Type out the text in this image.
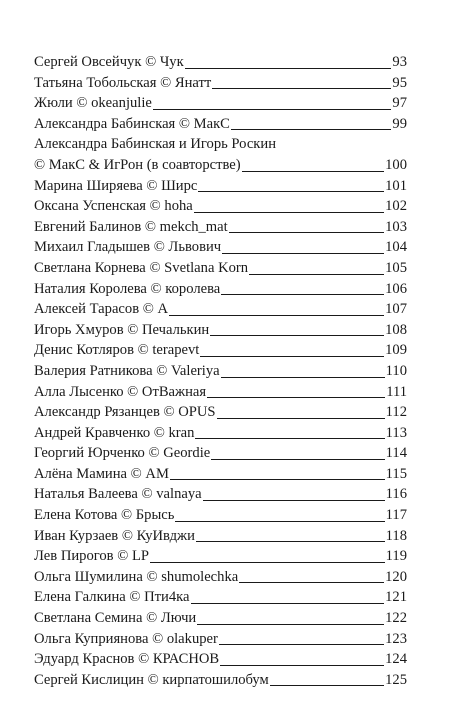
Сергей Овсейчук © Чук	93
Татьяна Тобольская © Янатт	95
Жюли © okeanjulie	97
Александра Бабинская © МакС	99
Александра Бабинская и Игорь Роскин
© МакС & ИгРон (в соавторстве)	100
Марина Ширяева © Ширс	101
Оксана Успенская © hoha	102
Евгений Балинов © mekch_mat	103
Михаил Гладышев © Львович	104
Светлана Корнева © Svetlana Korn	105
Наталия Королева © королева	106
Алексей Тарасов © A	107
Игорь Хмуров © Печалькин	108
Денис Котляров © terapevt	109
Валерия Ратникова © Valeriya	110
Алла Лысенко © ОтВажная	111
Александр Рязанцев © OPUS	112
Андрей Кравченко © kran	113
Георгий Юрченко © Geordie	114
Алёна Мамина © AM	115
Наталья Валеева © valnaya	116
Елена Котова © Брысь	117
Иван Курзаев © КуИвджи	118
Лев Пирогов © LP	119
Ольга Шумилина © shumolechka	120
Елена Галкина © Пти4ка	121
Светлана Семина © Лючи	122
Ольга Куприянова © olakuper	123
Эдуард Краснов © КРАСНОВ	124
Сергей Кислицин © кирпатошилобум	125
